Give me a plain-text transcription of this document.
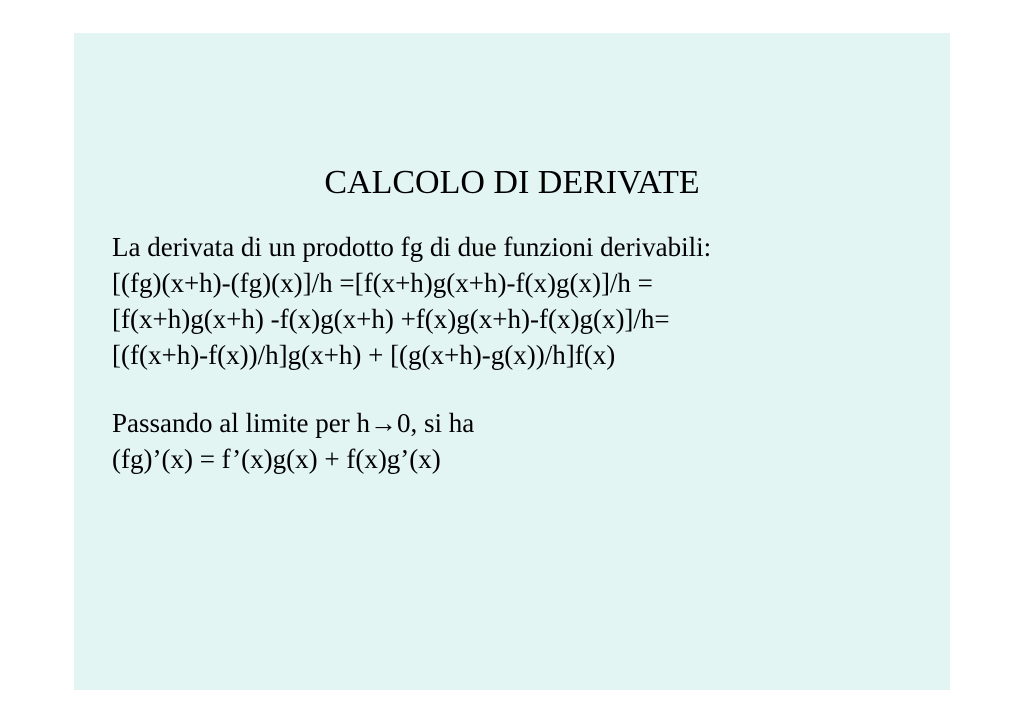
CALCOLO DI DERIVATE
La derivata di un prodotto fg di due funzioni derivabili:
[(fg)(x+h)-(fg)(x)]/h =[f(x+h)g(x+h)-f(x)g(x)]/h =
[f(x+h)g(x+h) -f(x)g(x+h) +f(x)g(x+h)-f(x)g(x)]/h=
[(f(x+h)-f(x))/h]g(x+h) + [(g(x+h)-g(x))/h]f(x)
Passando al limite per h→0, si ha
(fg)’(x) = f’(x)g(x) + f(x)g’(x)
